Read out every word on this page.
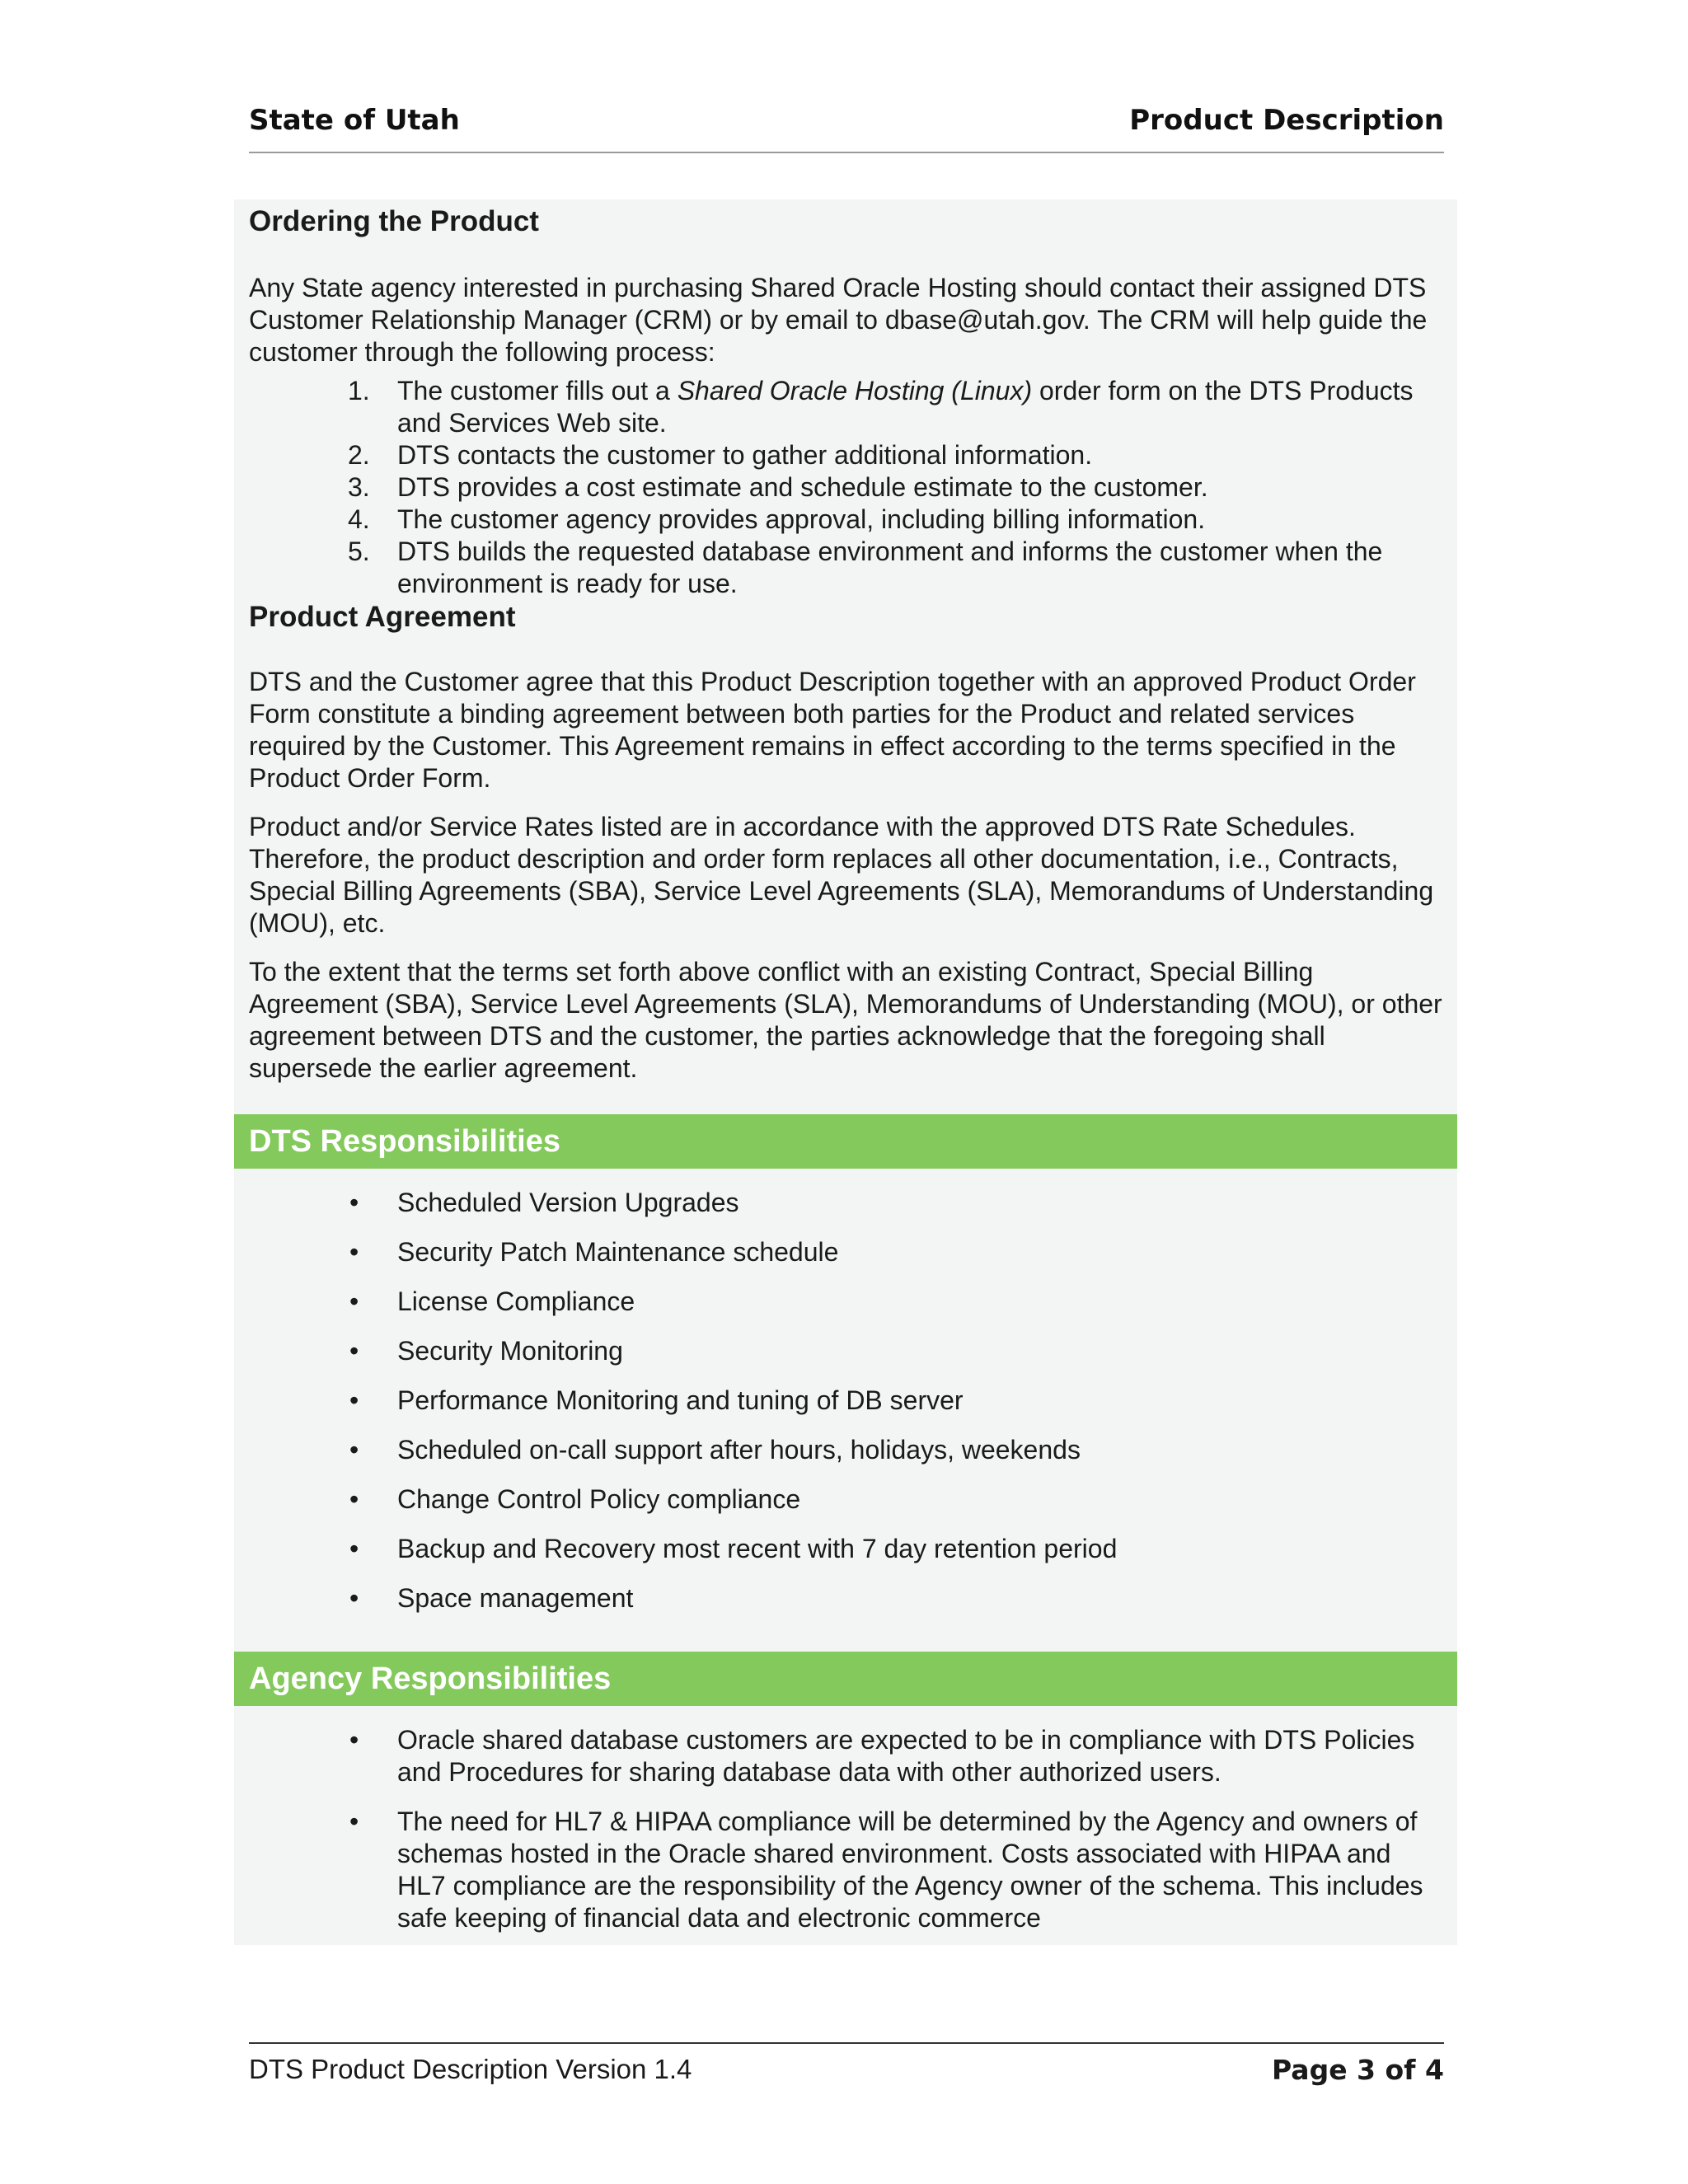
State of Utah	Product Description
Ordering the Product

Any State agency interested in purchasing Shared Oracle Hosting should contact their assigned DTS Customer Relationship Manager (CRM) or by email to dbase@utah.gov. The CRM will help guide the customer through the following process:

1.	The customer fills out a Shared Oracle Hosting (Linux) order form on the DTS Products and Services Web site.
2.	DTS contacts the customer to gather additional information.
3.	DTS provides a cost estimate and schedule estimate to the customer.
4.	The customer agency provides approval, including billing information.
5.	DTS builds the requested database environment and informs the customer when the environment is ready for use.
Product Agreement

DTS and the Customer agree that this Product Description together with an approved Product Order Form constitute a binding agreement between both parties for the Product and related services required by the Customer. This Agreement remains in effect according to the terms specified in the Product Order Form.

Product and/or Service Rates listed are in accordance with the approved DTS Rate Schedules. Therefore, the product description and order form replaces all other documentation, i.e., Contracts, Special Billing Agreements (SBA), Service Level Agreements (SLA), Memorandums of Understanding (MOU), etc.

To the extent that the terms set forth above conflict with an existing Contract, Special Billing Agreement (SBA), Service Level Agreements (SLA), Memorandums of Understanding (MOU), or other agreement between DTS and the customer, the parties acknowledge that the foregoing shall supersede the earlier agreement.

DTS Responsibilities
• Scheduled Version Upgrades
• Security Patch Maintenance schedule
• License Compliance
• Security Monitoring
• Performance Monitoring and tuning of DB server
• Scheduled on-call support after hours, holidays, weekends
• Change Control Policy compliance
• Backup and Recovery most recent with 7 day retention period
• Space management
Agency Responsibilities
• Oracle shared database customers are expected to be in compliance with DTS Policies and Procedures for sharing database data with other authorized users.
• The need for HL7 & HIPAA compliance will be determined by the Agency and owners of schemas hosted in the Oracle shared environment. Costs associated with HIPAA and HL7 compliance are the responsibility of the Agency owner of the schema. This includes safe keeping of financial data and electronic commerce
DTS Product Description Version 1.4	Page 3 of 4
